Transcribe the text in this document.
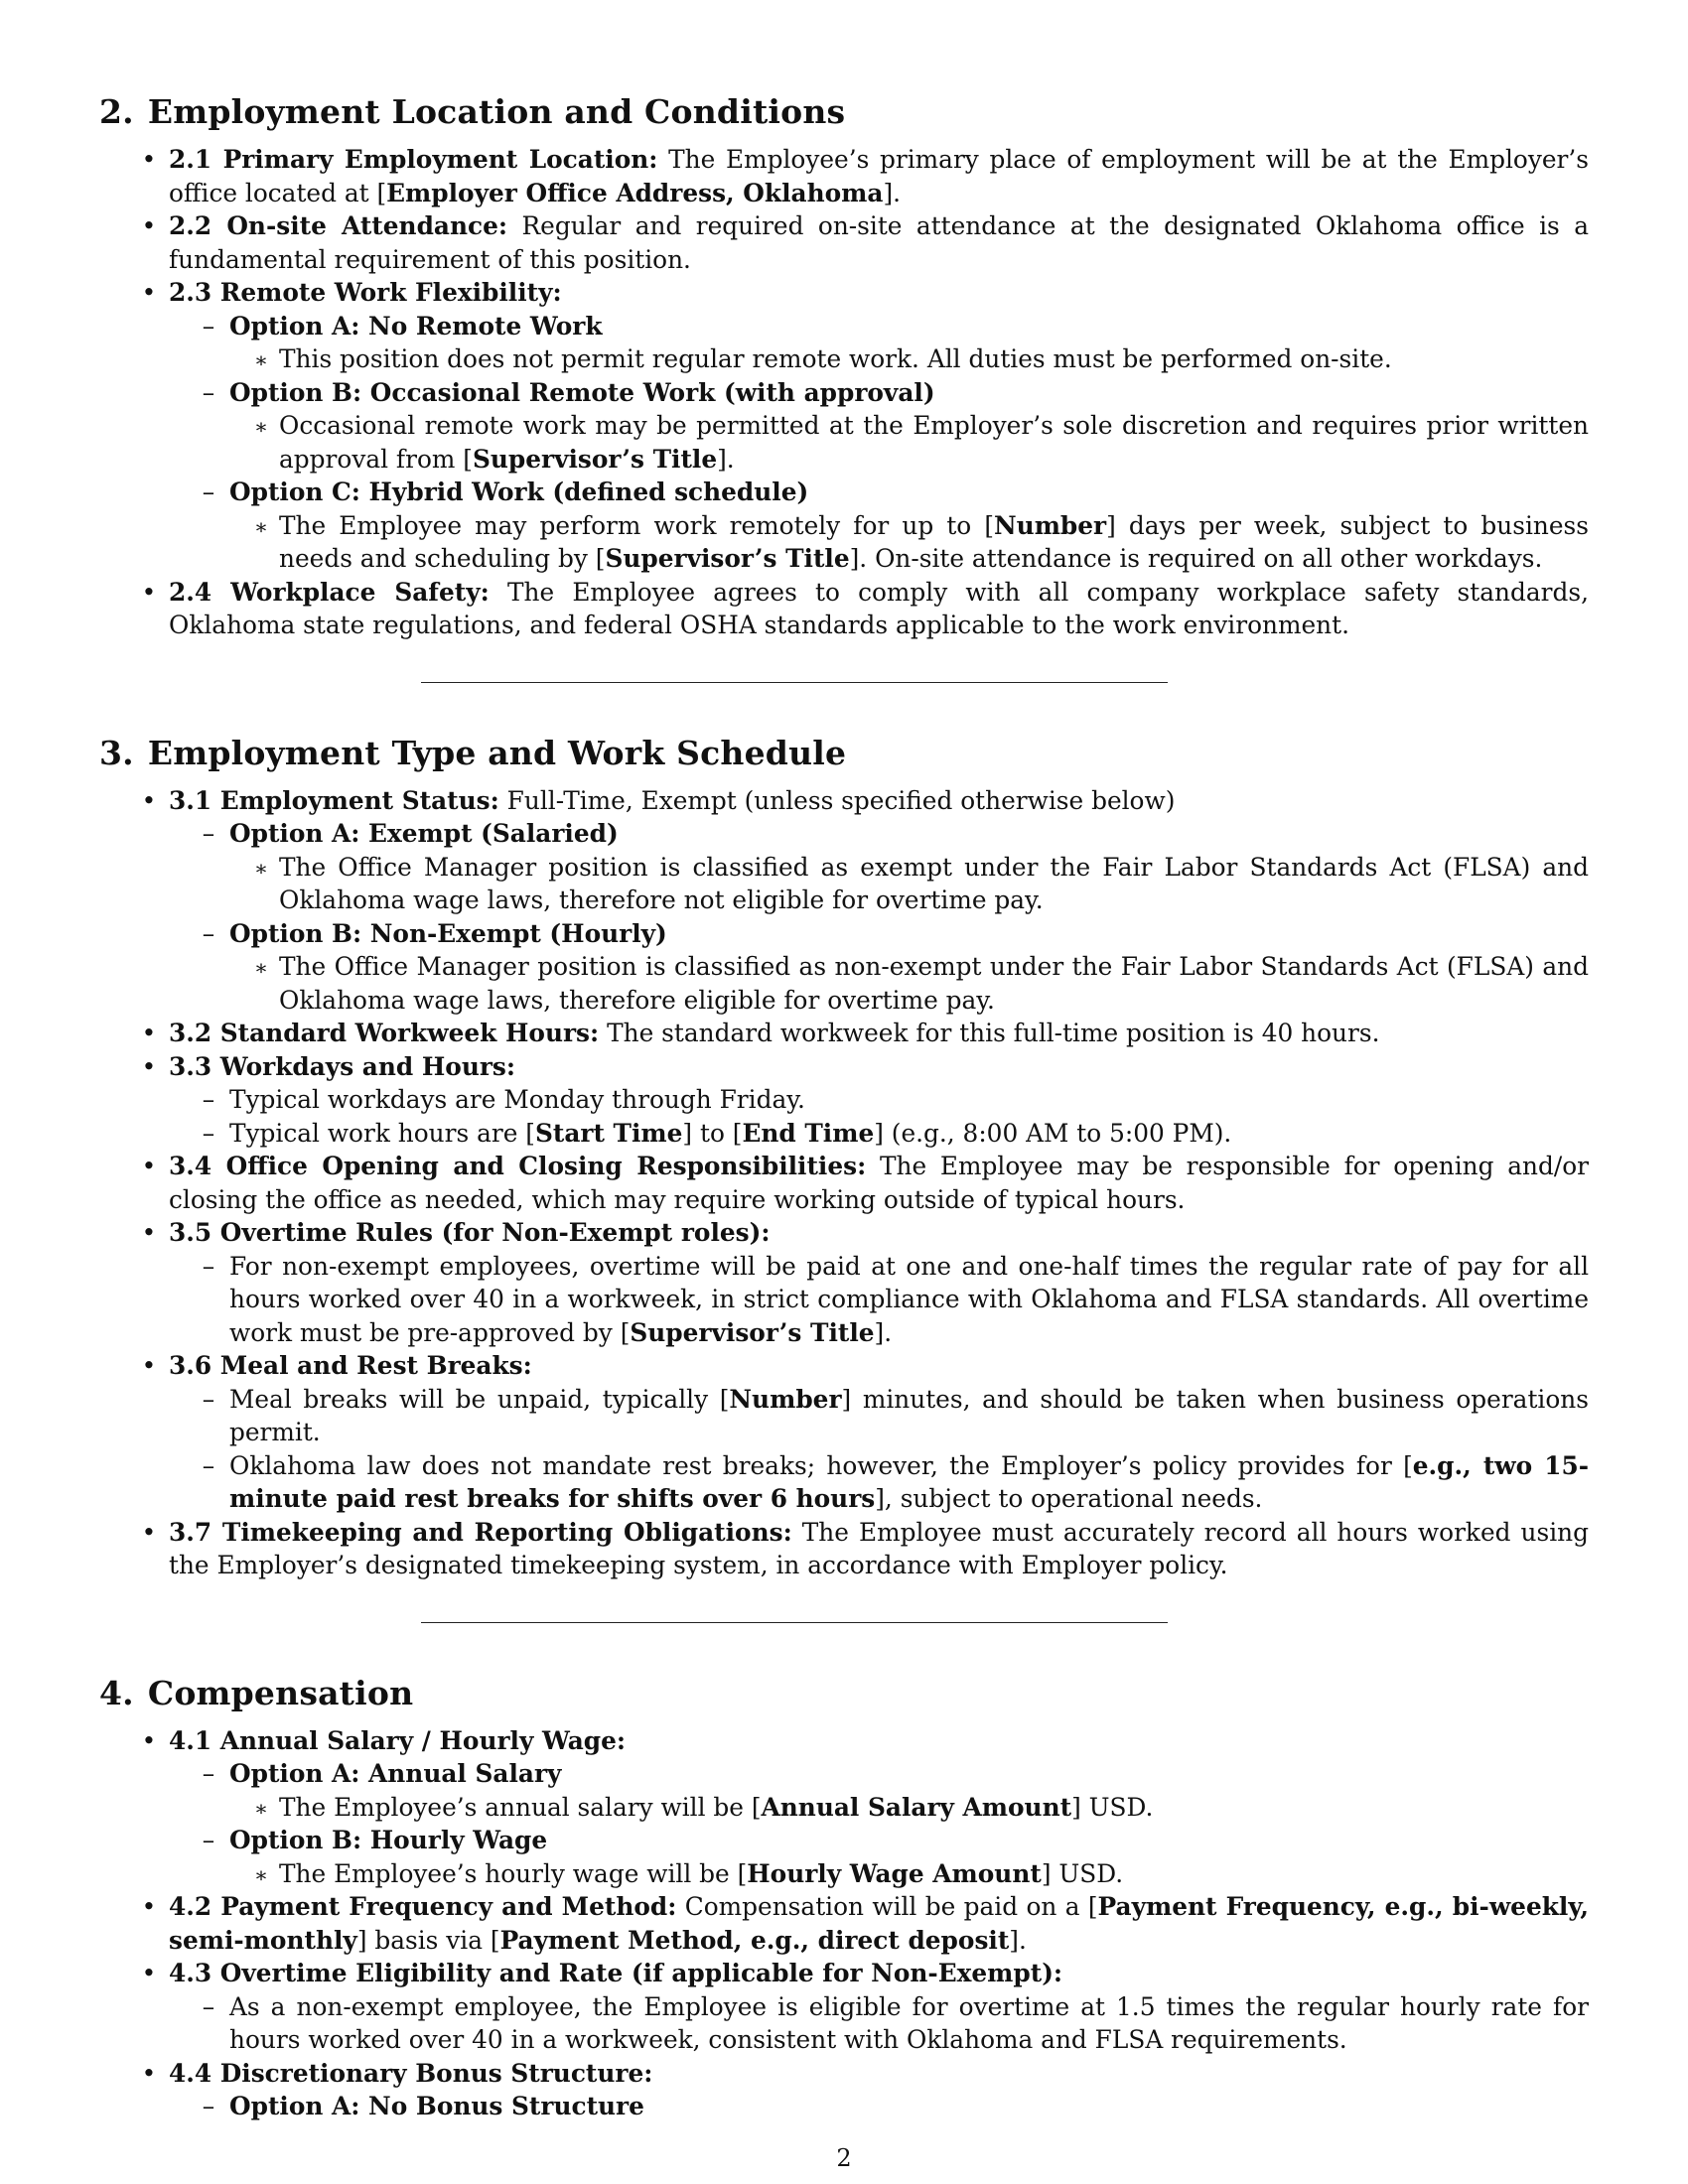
2. Employment Location and Conditions
• 2.1 Primary Employment Location: The Employee’s primary place of employment will be at the Employer’s office located at [Employer Office Address, Oklahoma].
• 2.2 On-site Attendance: Regular and required on-site attendance at the designated Oklahoma office is a fundamental requirement of this position.
• 2.3 Remote Work Flexibility:
– Option A: No Remote Work
∗ This position does not permit regular remote work. All duties must be performed on-site.
– Option B: Occasional Remote Work (with approval)
∗ Occasional remote work may be permitted at the Employer’s sole discretion and requires prior written approval from [Supervisor’s Title].
– Option C: Hybrid Work (defined schedule)
∗ The Employee may perform work remotely for up to [Number] days per week, subject to business needs and scheduling by [Supervisor’s Title]. On-site attendance is required on all other workdays.
• 2.4 Workplace Safety: The Employee agrees to comply with all company workplace safety standards, Oklahoma state regulations, and federal OSHA standards applicable to the work environment.
3. Employment Type and Work Schedule
• 3.1 Employment Status: Full-Time, Exempt (unless specified otherwise below)
– Option A: Exempt (Salaried)
∗ The Office Manager position is classified as exempt under the Fair Labor Standards Act (FLSA) and Oklahoma wage laws, therefore not eligible for overtime pay.
– Option B: Non-Exempt (Hourly)
∗ The Office Manager position is classified as non-exempt under the Fair Labor Standards Act (FLSA) and Oklahoma wage laws, therefore eligible for overtime pay.
• 3.2 Standard Workweek Hours: The standard workweek for this full-time position is 40 hours.
• 3.3 Workdays and Hours:
– Typical workdays are Monday through Friday.
– Typical work hours are [Start Time] to [End Time] (e.g., 8:00 AM to 5:00 PM).
• 3.4 Office Opening and Closing Responsibilities: The Employee may be responsible for opening and/or closing the office as needed, which may require working outside of typical hours.
• 3.5 Overtime Rules (for Non-Exempt roles):
– For non-exempt employees, overtime will be paid at one and one-half times the regular rate of pay for all hours worked over 40 in a workweek, in strict compliance with Oklahoma and FLSA standards. All overtime work must be pre-approved by [Supervisor’s Title].
• 3.6 Meal and Rest Breaks:
– Meal breaks will be unpaid, typically [Number] minutes, and should be taken when business operations permit.
– Oklahoma law does not mandate rest breaks; however, the Employer’s policy provides for [e.g., two 15-minute paid rest breaks for shifts over 6 hours], subject to operational needs.
• 3.7 Timekeeping and Reporting Obligations: The Employee must accurately record all hours worked using the Employer’s designated timekeeping system, in accordance with Employer policy.
4. Compensation
• 4.1 Annual Salary / Hourly Wage:
– Option A: Annual Salary
∗ The Employee’s annual salary will be [Annual Salary Amount] USD.
– Option B: Hourly Wage
∗ The Employee’s hourly wage will be [Hourly Wage Amount] USD.
• 4.2 Payment Frequency and Method: Compensation will be paid on a [Payment Frequency, e.g., bi-weekly, semi-monthly] basis via [Payment Method, e.g., direct deposit].
• 4.3 Overtime Eligibility and Rate (if applicable for Non-Exempt):
– As a non-exempt employee, the Employee is eligible for overtime at 1.5 times the regular hourly rate for hours worked over 40 in a workweek, consistent with Oklahoma and FLSA requirements.
• 4.4 Discretionary Bonus Structure:
– Option A: No Bonus Structure
2
